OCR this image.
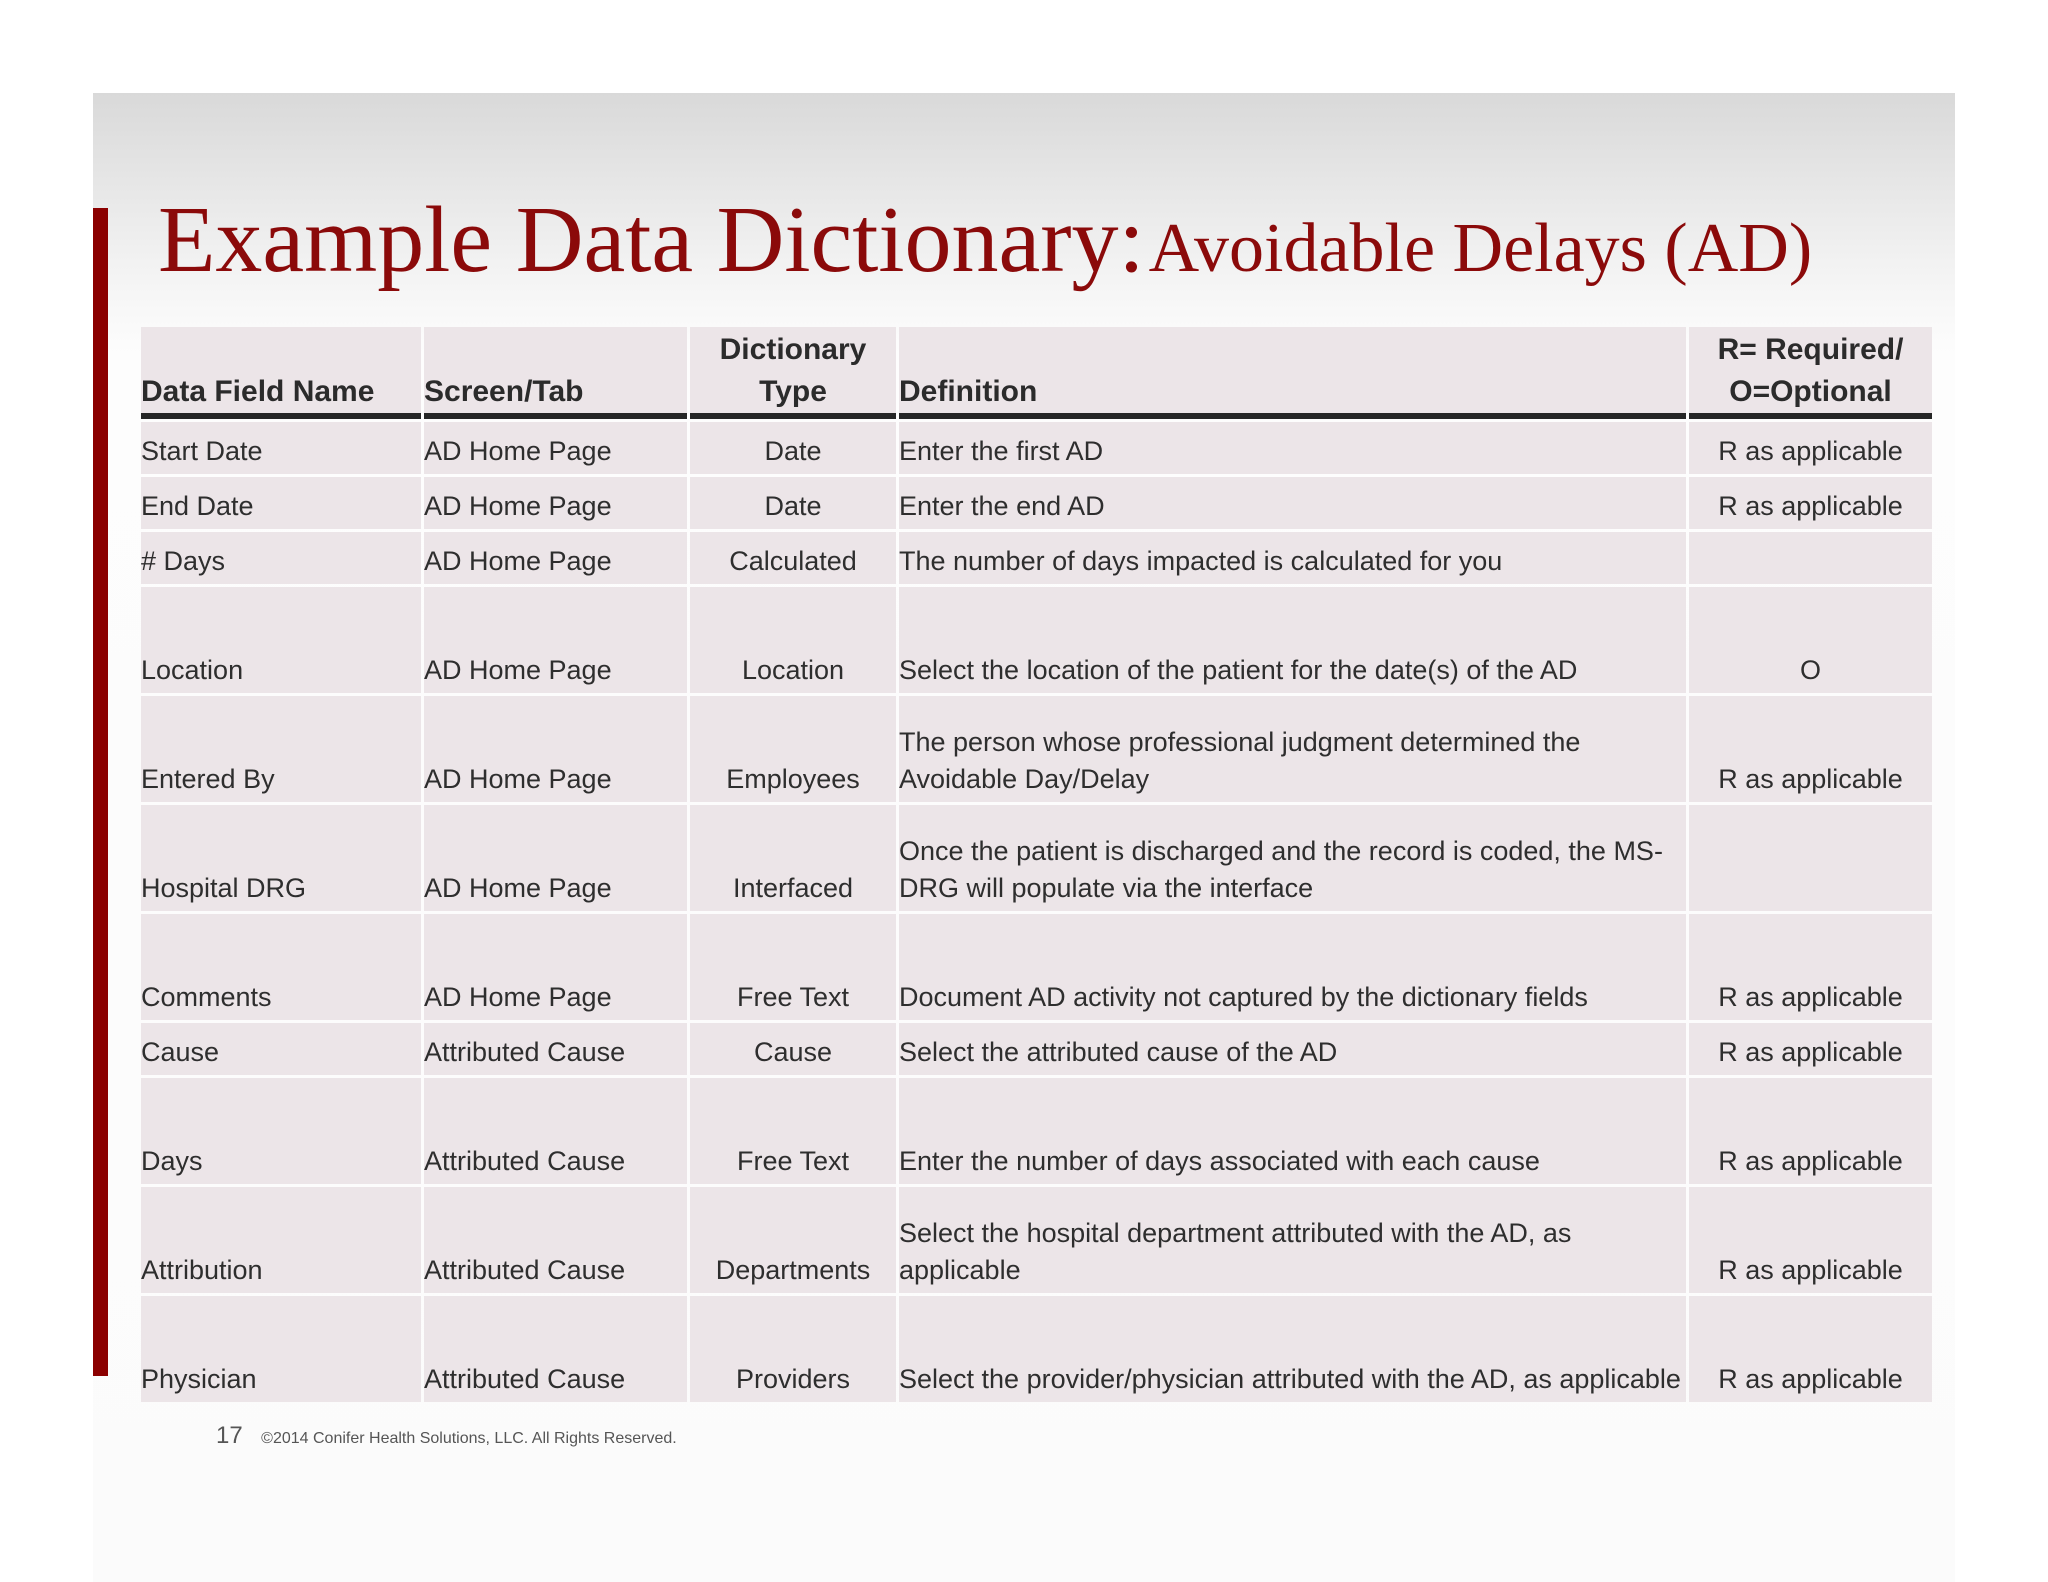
Example Data Dictionary: Avoidable Delays (AD)
Data Field Name	Screen/Tab	Dictionary Type	Definition	R= Required/ O=Optional
Start Date	AD Home Page	Date	Enter the first AD	R as applicable
End Date	AD Home Page	Date	Enter the end AD	R as applicable
# Days	AD Home Page	Calculated	The number of days impacted is calculated for you	
Location	AD Home Page	Location	Select the location of the patient for the date(s) of the AD	O
Entered By	AD Home Page	Employees	The person whose professional judgment determined the Avoidable Day/Delay	R as applicable
Hospital DRG	AD Home Page	Interfaced	Once the patient is discharged and the record is coded, the MS-DRG will populate via the interface	
Comments	AD Home Page	Free Text	Document AD activity not captured by the dictionary fields	R as applicable
Cause	Attributed Cause	Cause	Select the attributed cause of the AD	R as applicable
Days	Attributed Cause	Free Text	Enter the number of days associated with each cause	R as applicable
Attribution	Attributed Cause	Departments	Select the hospital department attributed with the AD, as applicable	R as applicable
Physician	Attributed Cause	Providers	Select the provider/physician attributed with the AD, as applicable	R as applicable
17 ©2014 Conifer Health Solutions, LLC. All Rights Reserved.
